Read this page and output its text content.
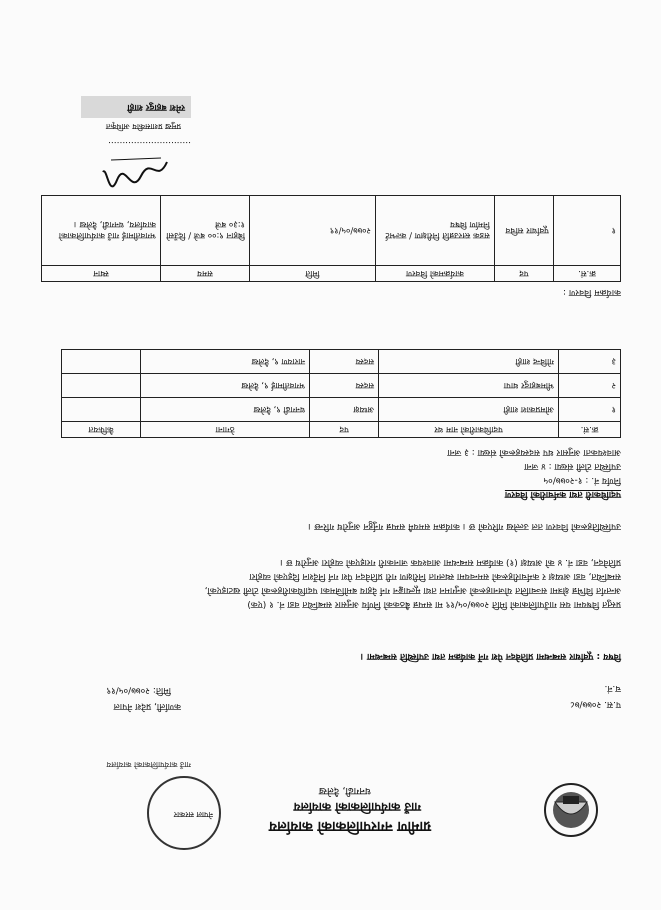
नेपाल सरकार
गाउँ कार्यपालिकाको कार्यालय
ग्रामीण नगरपालिकाको कार्यालय
गाउँ कार्यपालिकाको कार्यालय
धनगढी, दैलेख
प.स. २०७७/७८
च.नं.
कर्णाली, प्रदेश नेपाल
मिति: २०७७/०५/१९
विषय : पूर्वाधार सम्बन्धमा प्रतिवेदन पेश गर्ने कार्यक्रम तथा उपस्थिति सम्बन्धमा ।
प्रस्तुत विषयमा यस गाउँपालिकाको मिति २०७७/०५/१९ मा सम्पन्न बैठकको निर्णय अनुसार सम्बन्धित वडा नं. १ (एक)
अन्तर्गत विभिन्न क्षेत्रमा सञ्चालित योजनाहरूको अनुगमन तथा मूल्याङ्कन गर्न देहाय बमोजिमका पदाधिकारीहरूको टोली खटाइएको,
सम्बन्धित, वडा अध्यक्ष र कर्मचारीहरूको समन्वयमा स्थलगत निरीक्षण गरी प्रतिवेदन पेश गर्न निर्देशन दिइएको व्यहोरा
प्रतिवेदन, वडा नं. ४ को अध्यक्ष (१) कार्यक्रम सम्बन्धमा आवश्यक जानकारी गराइएको व्यहोरा अनुरोध छ ।
उपस्थितिहरूको विवरण तल उल्लेख गरिएको छ । कार्यक्रम समयमै सम्पन्न गर्नुहुन अनुरोध गरिन्छ ।
पदाधिकारी तथा कर्मचारीको विवरण
निर्णय नं. : १-२०७७/०५
उपस्थित टोली संख्या : ४ जना
आवश्यकता अनुसार थप सदस्यहरूको संख्या : ३ जना
क्र.सं.	पदाधिकारीको नाम थर	पद	ठेगाना	कैफियत
१	ओमप्रकाश शाही	अध्यक्ष	धनगढी ९, दैलेख	
२	भीमबहादुर थापा	सदस्य	भगवतीमाई ९, दैलेख	
३	गोविन्द शाही	सदस्य	नारायण ९, दैलेख	
कार्यक्रम विवरण :
क्र.सं.	पद	कार्यक्रमको विवरण	मिति	समय	स्थान
१	पूर्वाधार सचिव	सडक स्तरउन्नति निरीक्षण / कल्भर्ट निर्माण विषय	२०७७/०५/१९	बिहान ९:०० बजे / दिउँसो १:३० बजे	भगवतीमाई गाउँ कार्यपालिकाको कार्यालय, धनगढी, दैलेख ।
.............................
प्रमुख प्रशासकीय अधिकृत
रमेश बहादुर शाही
